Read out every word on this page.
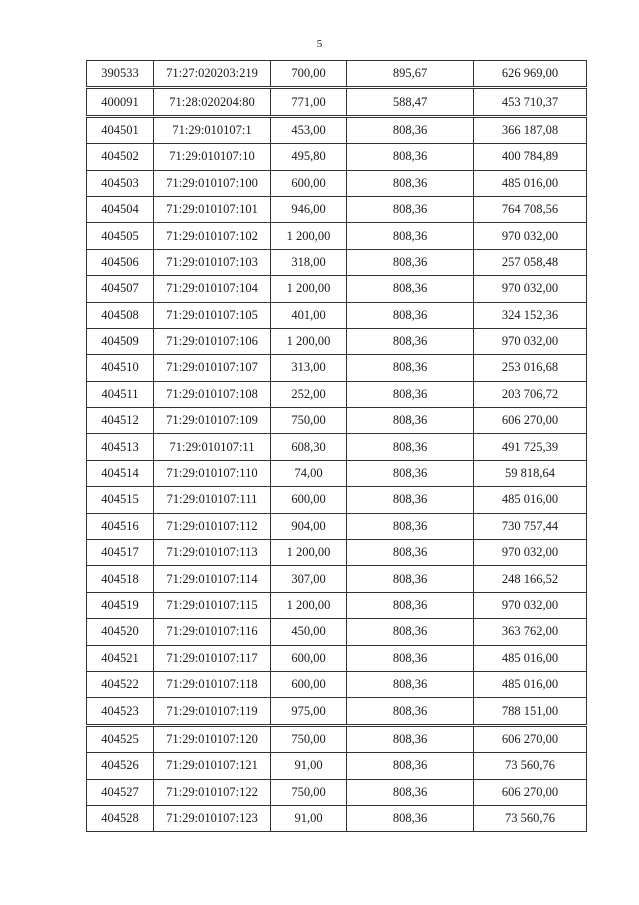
5
390533	71:27:020203:219	700,00	895,67	626 969,00
400091	71:28:020204:80	771,00	588,47	453 710,37
404501	71:29:010107:1	453,00	808,36	366 187,08
404502	71:29:010107:10	495,80	808,36	400 784,89
404503	71:29:010107:100	600,00	808,36	485 016,00
404504	71:29:010107:101	946,00	808,36	764 708,56
404505	71:29:010107:102	1 200,00	808,36	970 032,00
404506	71:29:010107:103	318,00	808,36	257 058,48
404507	71:29:010107:104	1 200,00	808,36	970 032,00
404508	71:29:010107:105	401,00	808,36	324 152,36
404509	71:29:010107:106	1 200,00	808,36	970 032,00
404510	71:29:010107:107	313,00	808,36	253 016,68
404511	71:29:010107:108	252,00	808,36	203 706,72
404512	71:29:010107:109	750,00	808,36	606 270,00
404513	71:29:010107:11	608,30	808,36	491 725,39
404514	71:29:010107:110	74,00	808,36	59 818,64
404515	71:29:010107:111	600,00	808,36	485 016,00
404516	71:29:010107:112	904,00	808,36	730 757,44
404517	71:29:010107:113	1 200,00	808,36	970 032,00
404518	71:29:010107:114	307,00	808,36	248 166,52
404519	71:29:010107:115	1 200,00	808,36	970 032,00
404520	71:29:010107:116	450,00	808,36	363 762,00
404521	71:29:010107:117	600,00	808,36	485 016,00
404522	71:29:010107:118	600,00	808,36	485 016,00
404523	71:29:010107:119	975,00	808,36	788 151,00
404525	71:29:010107:120	750,00	808,36	606 270,00
404526	71:29:010107:121	91,00	808,36	73 560,76
404527	71:29:010107:122	750,00	808,36	606 270,00
404528	71:29:010107:123	91,00	808,36	73 560,76
